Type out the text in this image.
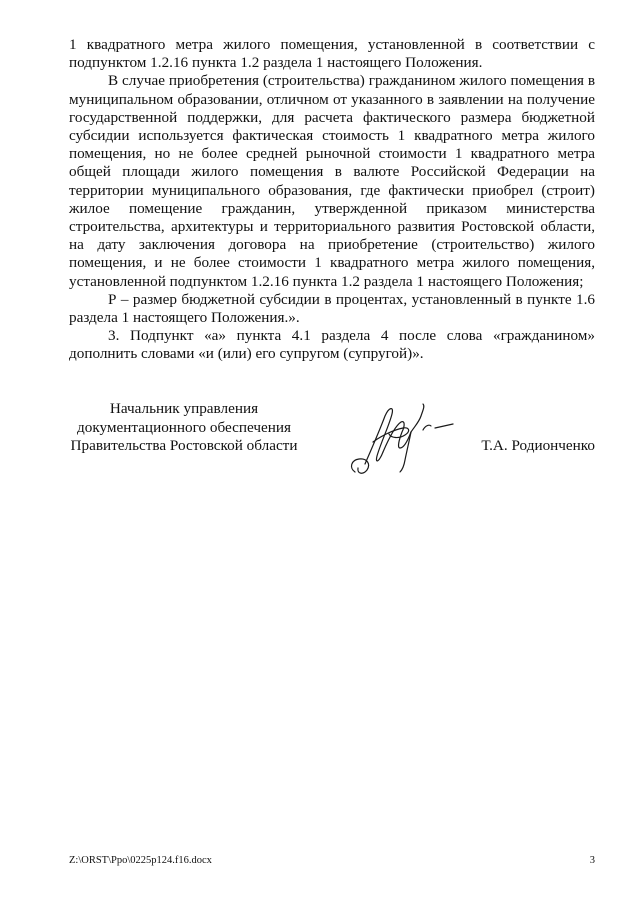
1 квадратного метра жилого помещения, установленной в соответствии с подпунктом 1.2.16 пункта 1.2 раздела 1 настоящего Положения.

В случае приобретения (строительства) гражданином жилого помещения в муниципальном образовании, отличном от указанного в заявлении на получение государственной поддержки, для расчета фактического размера бюджетной субсидии используется фактическая стоимость 1 квадратного метра жилого помещения, но не более средней рыночной стоимости 1 квадратного метра общей площади жилого помещения в валюте Российской Федерации на территории муниципального образования, где фактически приобрел (строит) жилое помещение гражданин, утвержденной приказом министерства строительства, архитектуры и территориального развития Ростовской области, на дату заключения договора на приобретение (строительство) жилого помещения, и не более стоимости 1 квадратного метра жилого помещения, установленной подпунктом 1.2.16 пункта 1.2 раздела 1 настоящего Положения;

Р – размер бюджетной субсидии в процентах, установленный в пункте 1.6 раздела 1 настоящего Положения.».

3. Подпункт «а» пункта 4.1 раздела 4 после слова «гражданином» дополнить словами «и (или) его супругом (супругой)».

Начальник управления
документационного обеспечения
Правительства Ростовской области	Т.А. Родионченко
Z:\ORST\Ppo\0225p124.f16.docx	3
